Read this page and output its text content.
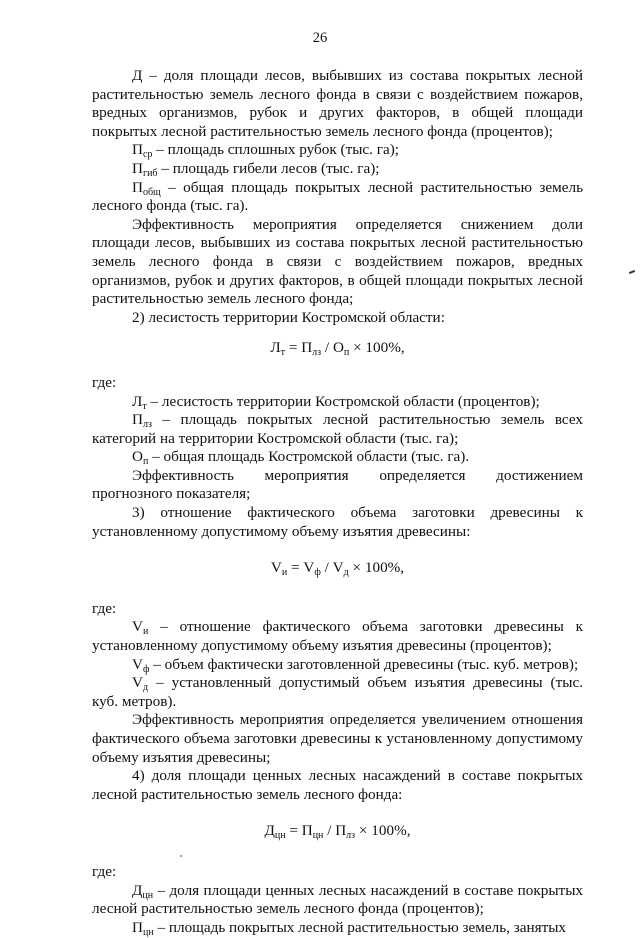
26

Д – доля площади лесов, выбывших из состава покрытых лесной растительностью земель лесного фонда в связи с воздействием пожаров, вредных организмов, рубок и других факторов, в общей площади покрытых лесной растительностью земель лесного фонда (процентов);

$П_{ср}$ – площадь сплошных рубок (тыс. га);

$П_{гиб}$ – площадь гибели лесов (тыс. га);

$П_{общ}$ – общая площадь покрытых лесной растительностью земель лесного фонда (тыс. га).

Эффективность мероприятия определяется снижением доли площади лесов, выбывших из состава покрытых лесной растительностью земель лесного фонда в связи с воздействием пожаров, вредных организмов, рубок и других факторов, в общей площади покрытых лесной растительностью земель лесного фонда;

2) лесистость территории Костромской области:

$Л_т = П_{лз} / О_п \times 100\%$,

где:

$Л_т$ – лесистость территории Костромской области (процентов);

$П_{лз}$ – площадь покрытых лесной растительностью земель всех категорий на территории Костромской области (тыс. га);

$О_п$ – общая площадь Костромской области (тыс. га).

Эффективность мероприятия определяется достижением прогнозного показателя;

3) отношение фактического объема заготовки древесины к установленному допустимому объему изъятия древесины:

$V_и = V_ф / V_д \times 100\%$,

где:

$V_и$ – отношение фактического объема заготовки древесины к установленному допустимому объему изъятия древесины (процентов);

$V_ф$ – объем фактически заготовленной древесины (тыс. куб. метров);

$V_д$ – установленный допустимый объем изъятия древесины (тыс. куб. метров).

Эффективность мероприятия определяется увеличением отношения фактического объема заготовки древесины к установленному допустимому объему изъятия древесины;

4) доля площади ценных лесных насаждений в составе покрытых лесной растительностью земель лесного фонда:

$Д_{цн} = П_{цн} / П_{лз} \times 100\%$,

где:

$Д_{цн}$ – доля площади ценных лесных насаждений в составе покрытых лесной растительностью земель лесного фонда (процентов);

$П_{цн}$ – площадь покрытых лесной растительностью земель, занятых
